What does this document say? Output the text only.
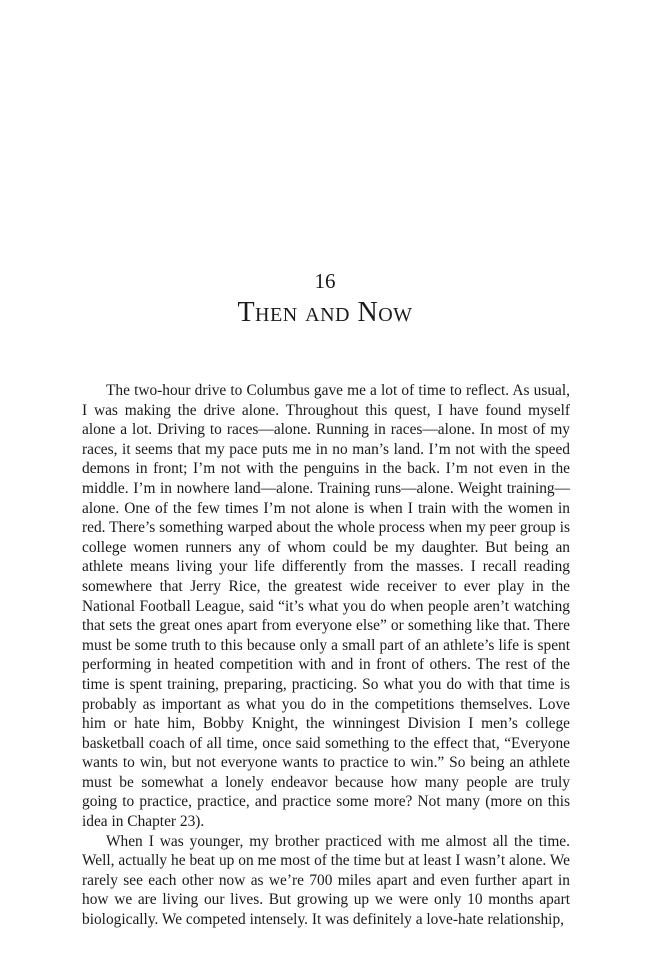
16
Then and Now

The two-hour drive to Columbus gave me a lot of time to reflect. As usual, I was making the drive alone. Throughout this quest, I have found myself alone a lot. Driving to races—alone. Running in races—alone. In most of my races, it seems that my pace puts me in no man’s land. I’m not with the speed demons in front; I’m not with the penguins in the back. I’m not even in the middle. I’m in nowhere land—alone. Training runs—alone. Weight training—alone. One of the few times I’m not alone is when I train with the women in red. There’s something warped about the whole process when my peer group is college women runners any of whom could be my daughter. But being an athlete means living your life differently from the masses. I recall reading somewhere that Jerry Rice, the greatest wide receiver to ever play in the National Football League, said “it’s what you do when people aren’t watching that sets the great ones apart from everyone else” or something like that. There must be some truth to this because only a small part of an athlete’s life is spent performing in heated competition with and in front of others. The rest of the time is spent training, preparing, practicing. So what you do with that time is probably as important as what you do in the competitions themselves. Love him or hate him, Bobby Knight, the winningest Division I men’s college basketball coach of all time, once said something to the effect that, “Everyone wants to win, but not everyone wants to practice to win.” So being an athlete must be somewhat a lonely endeavor because how many people are truly going to practice, practice, and practice some more? Not many (more on this idea in Chapter 23).

When I was younger, my brother practiced with me almost all the time. Well, actually he beat up on me most of the time but at least I wasn’t alone. We rarely see each other now as we’re 700 miles apart and even further apart in how we are living our lives. But growing up we were only 10 months apart biologically. We competed intensely. It was definitely a love-hate relationship,
